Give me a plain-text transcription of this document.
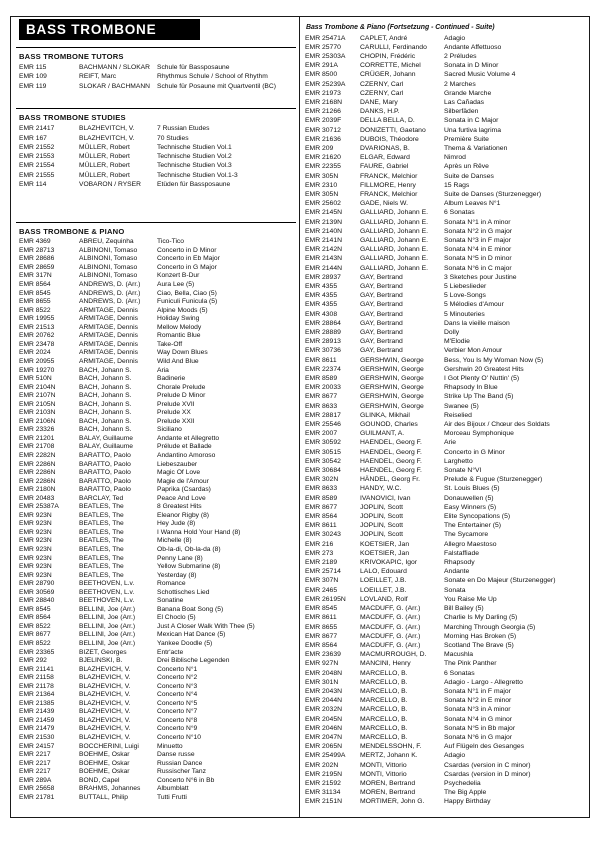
BASS TROMBONE
BASS TROMBONE TUTORS
EMR 115	BACHMANN / SLOKAR	Schule für Bassposaune
EMR 109	REIFT, Marc	Rhythmus Schule / School of Rhythm
EMR 119	SLOKAR / BACHMANN	Schule für Posaune mit Quartventil (BC)
BASS TROMBONE STUDIES
EMR 21417	BLAZHEVITCH, V.	7 Russian Etudes
EMR 167	BLAZHEVITCH, V.	70 Studies
EMR 21552	MÜLLER, Robert	Technische Studien Vol.1
EMR 21553	MÜLLER, Robert	Technische Studien Vol.2
EMR 21554	MÜLLER, Robert	Technische Studien Vol.3
EMR 21555	MÜLLER, Robert	Technische Studien Vol.1-3
EMR 114	VOBARON / RYSER	Etüden für Bassposaune
BASS TROMBONE & PIANO
EMR 4369	ABREU, Zequinha	Tico-Tico
EMR 28713	ALBINONI, Tomaso	Concerto in D Minor
EMR 28686	ALBINONI, Tomaso	Concerto in Eb Major
EMR 28659	ALBINONI, Tomaso	Concerto in G Major
EMR 317N	ALBINONI, Tomaso	Konzert B-Dur
EMR 8564	ANDREWS, D. (Arr.)	Aura Lee (5)
EMR 8545	ANDREWS, D. (Arr.)	Ciao, Bella, Ciao (5)
EMR 8655	ANDREWS, D. (Arr.)	Funiculi Funicula (5)
EMR 8522	ARMITAGE, Dennis	Alpine Moods (5)
EMR 19955	ARMITAGE, Dennis	Holiday Swing
EMR 21513	ARMITAGE, Dennis	Mellow Melody
EMR 20762	ARMITAGE, Dennis	Romantic Blue
EMR 23478	ARMITAGE, Dennis	Take-Off
EMR 2024	ARMITAGE, Dennis	Way Down Blues
EMR 20955	ARMITAGE, Dennis	Wild And Blue
EMR 19270	BACH, Johann S.	Aria
EMR 510N	BACH, Johann S.	Badinerie
EMR 2104N	BACH, Johann S.	Chorale Prelude
EMR 2107N	BACH, Johann S.	Prelude D Minor
EMR 2105N	BACH, Johann S.	Prelude XVII
EMR 2103N	BACH, Johann S.	Prelude XX
EMR 2106N	BACH, Johann S.	Prelude XXII
EMR 23326	BACH, Johann S.	Siciliano
EMR 21201	BALAY, Guillaume	Andante et Allegretto
EMR 21708	BALAY, Guillaume	Prélude et Ballade
EMR 2282N	BARATTO, Paolo	Andantino Amoroso
EMR 2286N	BARATTO, Paolo	Liebeszauber
EMR 2286N	BARATTO, Paolo	Magic Of Love
EMR 2286N	BARATTO, Paolo	Magie de l'Amour
EMR 2180N	BARATTO, Paolo	Paprika (Csardas)
EMR 20483	BARCLAY, Ted	Peace And Love
EMR 25387A	BEATLES, The	8 Greatest Hits
EMR 923N	BEATLES, The	Eleanor Rigby (8)
EMR 923N	BEATLES, The	Hey Jude (8)
EMR 923N	BEATLES, The	I Wanna Hold Your Hand (8)
EMR 923N	BEATLES, The	Michelle (8)
EMR 923N	BEATLES, The	Ob-la-di, Ob-la-da (8)
EMR 923N	BEATLES, The	Penny Lane (8)
EMR 923N	BEATLES, The	Yellow Submarine (8)
EMR 923N	BEATLES, The	Yesterday (8)
EMR 28790	BEETHOVEN, L.v.	Romance
EMR 30569	BEETHOVEN, L.v.	Schottisches Lied
EMR 28840	BEETHOVEN, L.v.	Sonatine
EMR 8545	BELLINI, Joe (Arr.)	Banana Boat Song (5)
EMR 8564	BELLINI, Joe (Arr.)	El Choclo (5)
EMR 8522	BELLINI, Joe (Arr.)	Just A Closer Walk With Thee (5)
EMR 8677	BELLINI, Joe (Arr.)	Mexican Hat Dance (5)
EMR 8522	BELLINI, Joe (Arr.)	Yankee Doodle (5)
EMR 23365	BIZET, Georges	Entr'acte
EMR 292	BJELINSKI, B.	Drei Biblische Legenden
EMR 21141	BLAZHEVICH, V.	Concerto N°1
EMR 21158	BLAZHEVICH, V.	Concerto N°2
EMR 21178	BLAZHEVICH, V.	Concerto N°3
EMR 21364	BLAZHEVICH, V.	Concerto N°4
EMR 21385	BLAZHEVICH, V.	Concerto N°5
EMR 21439	BLAZHEVICH, V.	Concerto N°7
EMR 21459	BLAZHEVICH, V.	Concerto N°8
EMR 21479	BLAZHEVICH, V.	Concerto N°9
EMR 21530	BLAZHEVICH, V.	Concerto N°10
EMR 24157	BOCCHERINI, Luigi	Minuetto
EMR 2217	BOEHME, Oskar	Danse russe
EMR 2217	BOEHME, Oskar	Russian Dance
EMR 2217	BOEHME, Oskar	Russischer Tanz
EMR 289A	BOND, Capel	Concerto N°6 in Bb
EMR 25658	BRAHMS, Johannes	Albumblatt
EMR 21781	BUTTALL, Philip	Tutti Frutti
Bass Trombone & Piano (Fortsetzung - Continued - Suite)
EMR 25471A	CAPLET, André	Adagio
EMR 25770	CARULLI, Ferdinando	Andante Affettuoso
EMR 25303A	CHOPIN, Frédéric	2 Préludes
EMR 291A	CORRETTE, Michel	Sonata in D Minor
EMR 8500	CRÜGER, Johann	Sacred Music Volume 4
EMR 25239A	CZERNY, Carl	2 Marches
EMR 21973	CZERNY, Carl	Grande Marche
EMR 2168N	DANE, Mary	Las Cañadas
EMR 21266	DANKS, H.P.	Silberfäden
EMR 2039F	DELLA BELLA, D.	Sonata in C Major
EMR 30712	DONIZETTI, Gaetano	Una furtiva lagrima
EMR 21636	DUBOIS, Théodore	Première Suite
EMR 209	DVARIONAS, B.	Thema & Variationen
EMR 21620	ELGAR, Edward	Nimrod
EMR 22355	FAURE, Gabriel	Après un Rêve
EMR 305N	FRANCK, Melchior	Suite de Danses
EMR 2310	FILLMORE, Henry	15 Rags
EMR 305N	FRANCK, Melchior	Suite de Danses (Sturzenegger)
EMR 25602	GADE, Niels W.	Album Leaves N°1
EMR 2145N	GALLIARD, Johann E.	6 Sonatas
EMR 2139N	GALLIARD, Johann E.	Sonata N°1 in A minor
EMR 2140N	GALLIARD, Johann E.	Sonata N°2 in G major
EMR 2141N	GALLIARD, Johann E.	Sonata N°3 in F major
EMR 2142N	GALLIARD, Johann E.	Sonata N°4 in E minor
EMR 2143N	GALLIARD, Johann E.	Sonata N°5 in D minor
EMR 2144N	GALLIARD, Johann E.	Sonata N°6 in C major
EMR 28937	GAY, Bertrand	3 Sketches pour Justine
EMR 4355	GAY, Bertrand	5 Liebeslieder
EMR 4355	GAY, Bertrand	5 Love-Songs
EMR 4355	GAY, Bertrand	5 Mélodies d'Amour
EMR 4308	GAY, Bertrand	5 Minouteries
EMR 28864	GAY, Bertrand	Dans la vieille maison
EMR 28889	GAY, Bertrand	Dolly
EMR 28913	GAY, Bertrand	M'Elodie
EMR 30736	GAY, Bertrand	Verbier Mon Amour
EMR 8611	GERSHWIN, George	Bess, You Is My Woman Now (5)
EMR 22374	GERSHWIN, George	Gershwin 20 Greatest Hits
EMR 8589	GERSHWIN, George	I Got Plenty O' Nuttin' (5)
EMR 20033	GERSHWIN, George	Rhapsody In Blue
EMR 8677	GERSHWIN, George	Strike Up The Band (5)
EMR 8633	GERSHWIN, George	Swanee (5)
EMR 28817	GLINKA, Mikhail	Reiselied
EMR 25546	GOUNOD, Charles	Air des Bijoux / Chœur des Soldats
EMR 2007	GUILMANT, A.	Morceau Symphonique
EMR 30592	HAENDEL, Georg F.	Arie
EMR 30515	HAENDEL, Georg F.	Concerto in G Minor
EMR 30542	HAENDEL, Georg F.	Larghetto
EMR 30684	HAENDEL, Georg F.	Sonate N°VI
EMR 302N	HÄNDEL, Georg Fr.	Prelude & Fugue (Sturzenegger)
EMR 8633	HANDY, W.C.	St. Louis Blues (5)
EMR 8589	IVANOVICI, Ivan	Donauwellen (5)
EMR 8677	JOPLIN, Scott	Easy Winners (5)
EMR 8564	JOPLIN, Scott	Elite Syncopations (5)
EMR 8611	JOPLIN, Scott	The Entertainer (5)
EMR 30243	JOPLIN, Scott	The Sycamore
EMR 216	KOETSIER, Jan	Allegro Maestoso
EMR 273	KOETSIER, Jan	Falstaffiade
EMR 2189	KRIVOKAPIC, Igor	Rhapsody
EMR 25714	LALO, Edouard	Andante
EMR 307N	LOEILLET, J.B.	Sonate en Do Majeur (Sturzenegger)
EMR 2465	LOEILLET, J.B.	Sonata
EMR 26195N	LOVLAND, Rolf	You Raise Me Up
EMR 8545	MACDUFF, G. (Arr.)	Bill Bailey (5)
EMR 8611	MACDUFF, G. (Arr.)	Charlie Is My Darling (5)
EMR 8655	MACDUFF, G. (Arr.)	Marching Through Georgia (5)
EMR 8677	MACDUFF, G. (Arr.)	Morning Has Broken (5)
EMR 8564	MACDUFF, G. (Arr.)	Scotland The Brave (5)
EMR 23639	MACMURROUGH, D.	Macushla
EMR 927N	MANCINI, Henry	The Pink Panther
EMR 2048N	MARCELLO, B.	6 Sonatas
EMR 301N	MARCELLO, B.	Adagio - Largo - Allegretto
EMR 2043N	MARCELLO, B.	Sonata N°1 in F major
EMR 2044N	MARCELLO, B.	Sonata N°2 in E minor
EMR 2032N	MARCELLO, B.	Sonata N°3 in A minor
EMR 2045N	MARCELLO, B.	Sonata N°4 in G minor
EMR 2046N	MARCELLO, B.	Sonata N°5 in Bb major
EMR 2047N	MARCELLO, B.	Sonata N°6 in G major
EMR 2065N	MENDELSSOHN, F.	Auf Flügeln des Gesanges
EMR 25499A	MERTZ, Johann K.	Adagio
EMR 202N	MONTI, Vittorio	Csardas (version in C minor)
EMR 2195N	MONTI, Vittorio	Csardas (version in D minor)
EMR 21592	MOREN, Bertrand	Psychedelia
EMR 31134	MOREN, Bertrand	The Big Apple
EMR 2151N	MORTIMER, John G.	Happy Birthday
